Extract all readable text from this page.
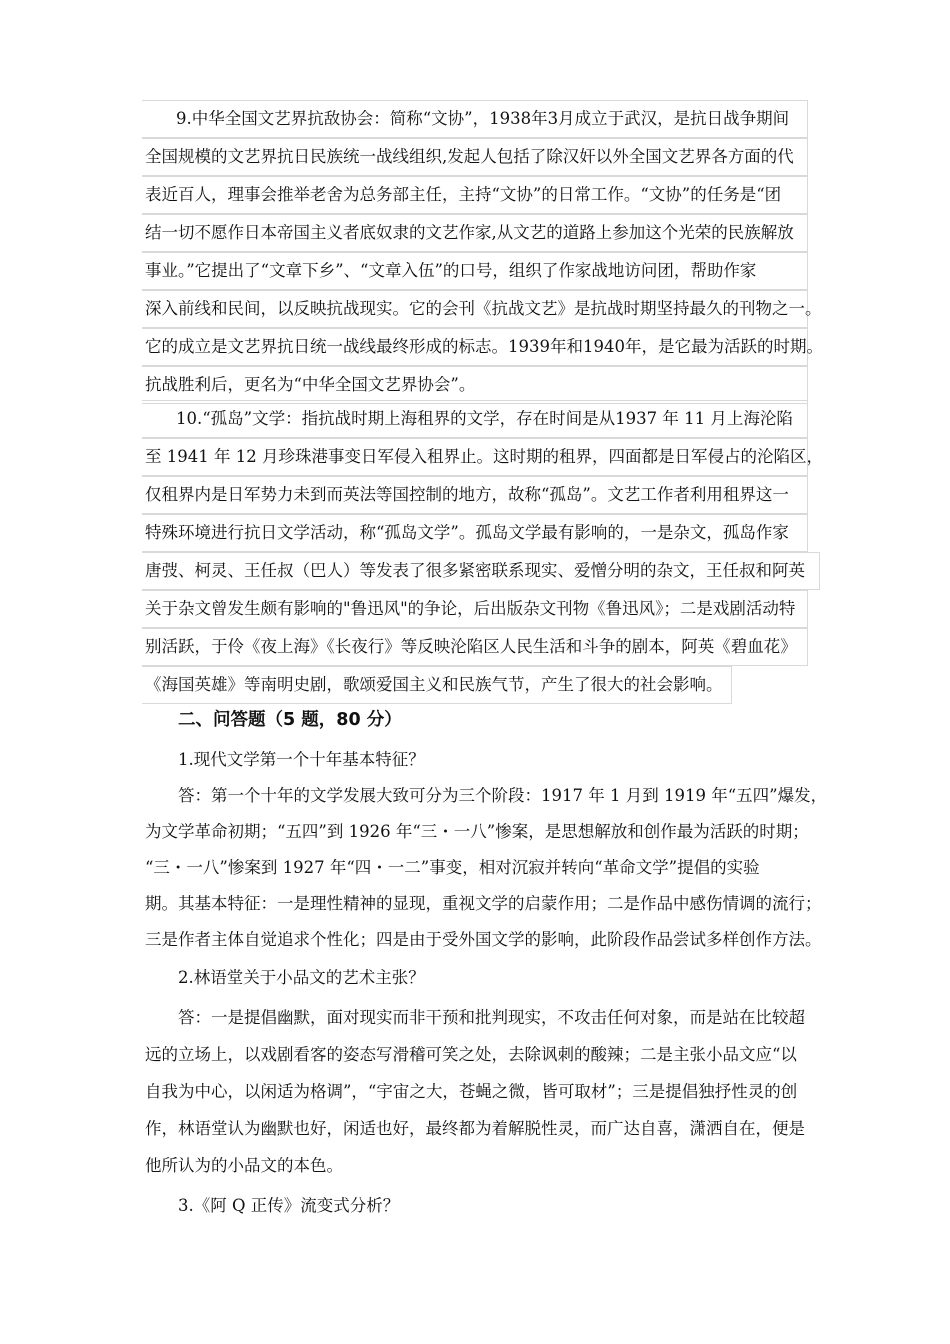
9.中华全国文艺界抗敌协会：简称“文协”，1938年3月成立于武汉，是抗日战争期间
全国规模的文艺界抗日民族统一战线组织,发起人包括了除汉奸以外全国文艺界各方面的代
表近百人，理事会推举老舍为总务部主任，主持“文协”的日常工作。“文协”的任务是“团
结一切不愿作日本帝国主义者底奴隶的文艺作家,从文艺的道路上参加这个光荣的民族解放
事业。”它提出了“文章下乡”、“文章入伍”的口号，组织了作家战地访问团，帮助作家
深入前线和民间，以反映抗战现实。它的会刊《抗战文艺》是抗战时期坚持最久的刊物之一。
它的成立是文艺界抗日统一战线最终形成的标志。1939年和1940年，是它最为活跃的时期。
抗战胜利后，更名为“中华全国文艺界协会”。
10.“孤岛”文学：指抗战时期上海租界的文学，存在时间是从1937 年 11 月上海沦陷
至 1941 年 12 月珍珠港事变日军侵入租界止。这时期的租界，四面都是日军侵占的沦陷区，
仅租界内是日军势力未到而英法等国控制的地方，故称“孤岛”。文艺工作者利用租界这一
特殊环境进行抗日文学活动，称“孤岛文学”。孤岛文学最有影响的，一是杂文，孤岛作家
唐弢、柯灵、王任叔（巴人）等发表了很多紧密联系现实、爱憎分明的杂文，王任叔和阿英
关于杂文曾发生颇有影响的"鲁迅风"的争论，后出版杂文刊物《鲁迅风》；二是戏剧活动特
别活跃，于伶《夜上海》《长夜行》等反映沦陷区人民生活和斗争的剧本，阿英《碧血花》
《海国英雄》等南明史剧，歌颂爱国主义和民族气节，产生了很大的社会影响。
二、问答题（5 题，80 分）
1.现代文学第一个十年基本特征？
答：第一个十年的文学发展大致可分为三个阶段：1917 年 1 月到 1919 年“五四”爆发，
为文学革命初期；“五四”到 1926 年“三・一八”惨案，是思想解放和创作最为活跃的时期；
“三・一八”惨案到 1927 年“四・一二”事变，相对沉寂并转向“革命文学”提倡的实验
期。其基本特征：一是理性精神的显现，重视文学的启蒙作用；二是作品中感伤情调的流行；
三是作者主体自觉追求个性化；四是由于受外国文学的影响，此阶段作品尝试多样创作方法。
2.林语堂关于小品文的艺术主张？
答：一是提倡幽默，面对现实而非干预和批判现实，不攻击任何对象，而是站在比较超
远的立场上，以戏剧看客的姿态写滑稽可笑之处，去除讽刺的酸辣；二是主张小品文应“以
自我为中心，以闲适为格调”，“宇宙之大，苍蝇之微，皆可取材”；三是提倡独抒性灵的创
作，林语堂认为幽默也好，闲适也好，最终都为着解脱性灵，而广达自喜，潇洒自在，便是
他所认为的小品文的本色。
3.《阿 Q 正传》流变式分析？
